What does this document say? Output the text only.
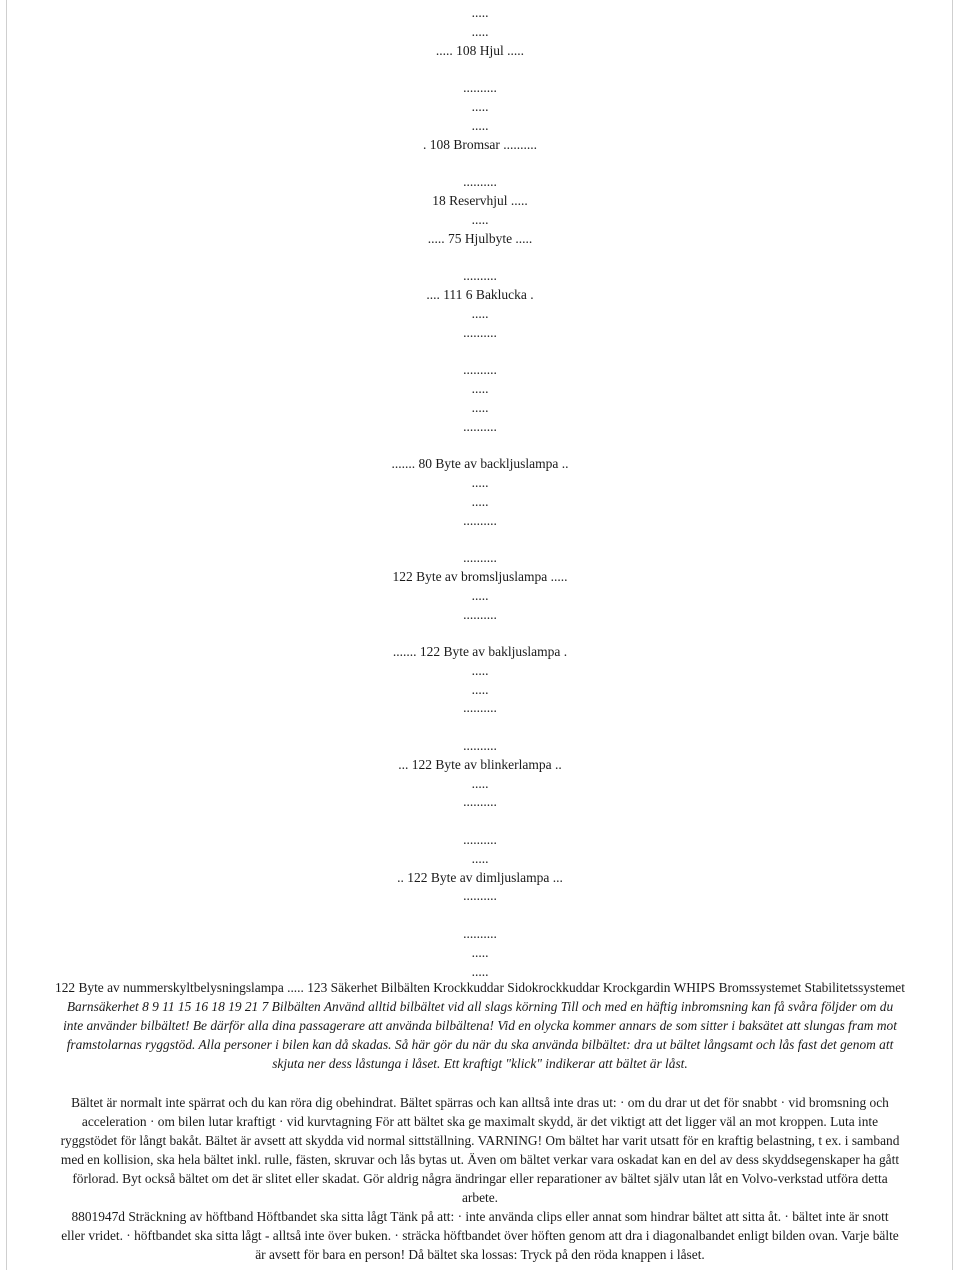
.....
.....
..... 108 Hjul .....
..........
.....
.....
. 108 Bromsar ..........
..........
18 Reservhjul .....
.....
..... 75 Hjulbyte .....
..........
.... 111 6 Baklucka .
.....
..........
..........
.....
.....
..........
....... 80 Byte av backljuslampa ..
.....
.....
..........
..........
122 Byte av bromsljuslampa .....
.....
..........
....... 122 Byte av bakljuslampa .
.....
.....
..........
..........
... 122 Byte av blinkerlampa ..
.....
..........
..........
.....
.. 122 Byte av dimljuslampa ...
..........
..........
.....
.....
122 Byte av nummerskyltbelysningslampa ..... 123 Säkerhet Bilbälten Krockkuddar Sidokrockkuddar Krockgardin WHIPS Bromssystemet Stabilitetssystemet
Barnsäkerhet 8 9 11 15 16 18 19 21 7 Bilbälten Använd alltid bilbältet vid all slags körning Till och med en häftig inbromsning kan få svåra följder om du
inte använder bilbältet! Be därför alla dina passagerare att använda bilbältena! Vid en olycka kommer annars de som sitter i baksätet att slungas fram mot
framstolarnas ryggstöd. Alla personer i bilen kan då skadas. Så här gör du när du ska använda bilbältet: dra ut bältet långsamt och lås fast det genom att
skjuta ner dess låstunga i låset. Ett kraftigt "klick" indikerar att bältet är låst.
Bältet är normalt inte spärrat och du kan röra dig obehindrat. Bältet spärras och kan alltså inte dras ut: · om du drar ut det för snabbt · vid bromsning och
acceleration · om bilen lutar kraftigt · vid kurvtagning För att bältet ska ge maximalt skydd, är det viktigt att det ligger väl an mot kroppen. Luta inte
ryggstödet för långt bakåt. Bältet är avsett att skydda vid normal sittställning. VARNING! Om bältet har varit utsatt för en kraftig belastning, t ex. i samband
med en kollision, ska hela bältet inkl. rulle, fästen, skruvar och lås bytas ut. Även om bältet verkar vara oskadat kan en del av dess skyddsegenskaper ha gått
förlorad. Byt också bältet om det är slitet eller skadat. Gör aldrig några ändringar eller reparationer av bältet själv utan låt en Volvo-verkstad utföra detta
arbete.
8801947d Sträckning av höftband Höftbandet ska sitta lågt Tänk på att: · inte använda clips eller annat som hindrar bältet att sitta åt. · bältet inte är snott
eller vridet. · höftbandet ska sitta lågt - alltså inte över buken. · sträcka höftbandet över höften genom att dra i diagonalbandet enligt bilden ovan. Varje bälte
är avsett för bara en person! Då bältet ska lossas: Tryck på den röda knappen i låset.
